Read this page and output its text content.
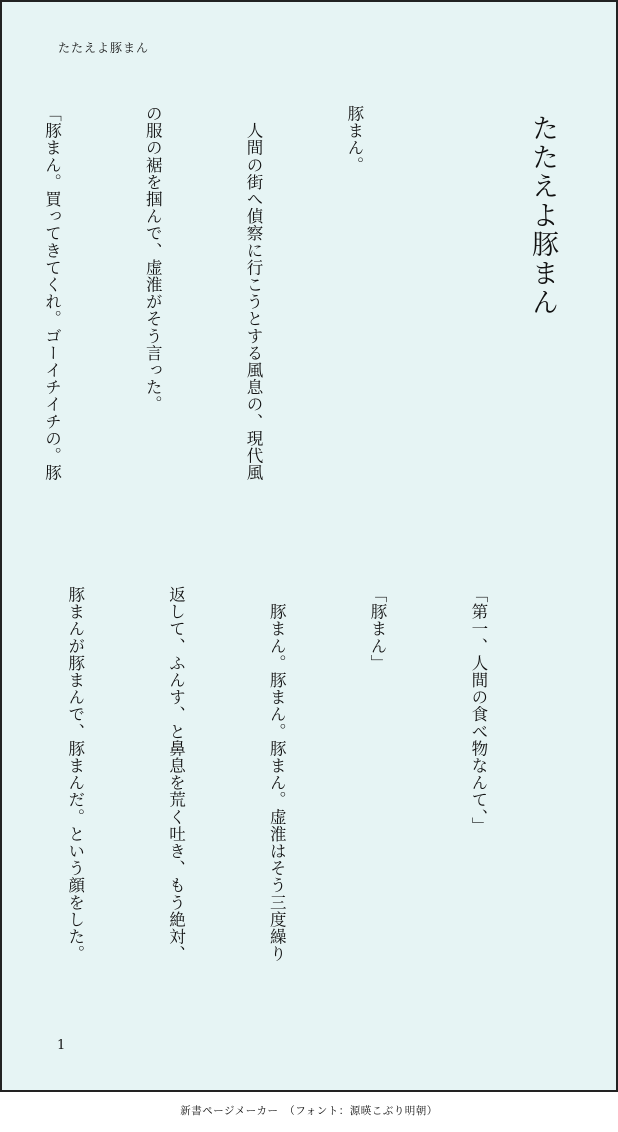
たたえよ豚まん
たたえよ豚まん

豚まん。

　人間の街へ偵察に行こうとする風息の、現代風

の服の裾を掴んで、虚淮がそう言った。

「豚まん。買ってきてくれ。ゴーイチイチの。豚

「第一、人間の食べ物なんて、」

「豚まん」

　豚まん。豚まん。豚まん。虚淮はそう三度繰り

返して、ふんす、と鼻息を荒く吐き、もう絶対、

豚まんが豚まんで、豚まんだ。という顔をした。

1
新書ページメーカー　（フォント：源暎こぶり明朝）
